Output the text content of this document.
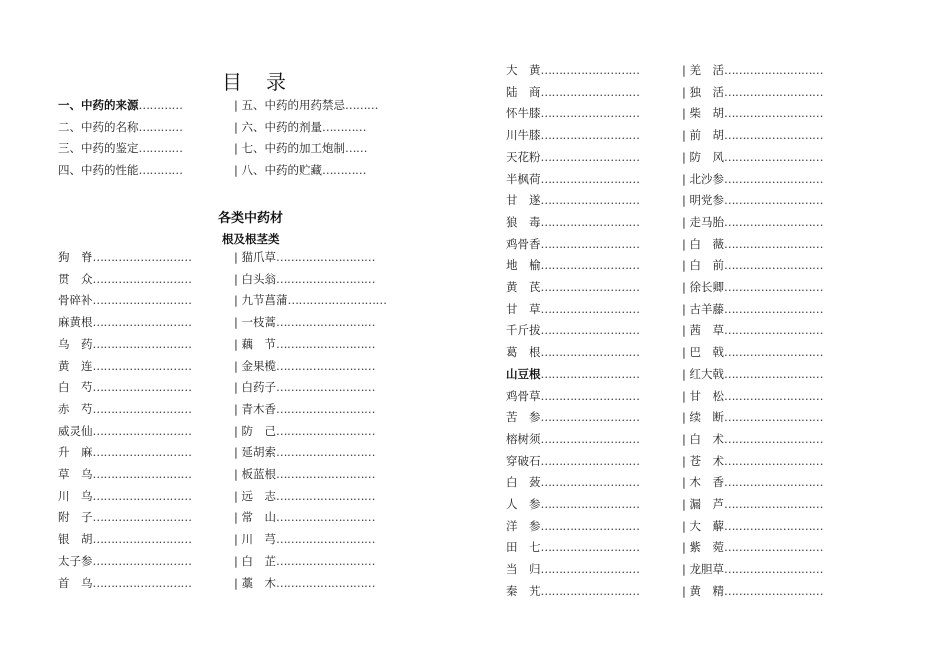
目 录
一、中药的来源…………
二、中药的名称…………
三、中药的鉴定…………
四、中药的性能…………
| 五、中药的用药禁忌………
| 六、中药的剂量…………
| 七、中药的加工炮制……
| 八、中药的贮藏…………
各类中药材
根及根茎类
狗　脊………………………
贯　众………………………
骨碎补………………………
麻黄根………………………
乌　药………………………
黄　连………………………
白　芍………………………
赤　芍………………………
威灵仙………………………
升　麻………………………
草　乌………………………
川　乌………………………
附　子………………………
银　胡………………………
太子参………………………
首　乌………………………
| 猫爪草………………………
| 白头翁………………………
| 九节菖蒲………………………
| 一枝蒿………………………
| 藕　节………………………
| 金果榄………………………
| 白药子………………………
| 青木香………………………
| 防　己………………………
| 延胡索………………………
| 板蓝根………………………
| 远　志………………………
| 常　山………………………
| 川　芎………………………
| 白　芷………………………
| 藁　木………………………
大　黄………………………
陆　商………………………
怀牛膝………………………
川牛膝………………………
天花粉………………………
半枫荷………………………
甘　遂………………………
狼　毒………………………
鸡骨香………………………
地　榆………………………
黄　芪………………………
甘　草………………………
千斤拔………………………
葛　根………………………
山豆根………………………
鸡骨草………………………
苦　参………………………
榕树须………………………
穿破石………………………
白　蔹………………………
人　参………………………
洋　参………………………
田　七………………………
当　归………………………
秦　艽………………………
| 羌　活………………………
| 独　活………………………
| 柴　胡………………………
| 前　胡………………………
| 防　风………………………
| 北沙参………………………
| 明党参………………………
| 走马胎………………………
| 白　薇………………………
| 白　前………………………
| 徐长卿………………………
| 古羊藤………………………
| 茜　草………………………
| 巴　戟………………………
| 红大戟………………………
| 甘　松………………………
| 续　断………………………
| 白　术………………………
| 苍　术………………………
| 木　香………………………
| 漏　芦………………………
| 大　薢………………………
| 紫　菀………………………
| 龙胆草………………………
| 黄　精………………………
